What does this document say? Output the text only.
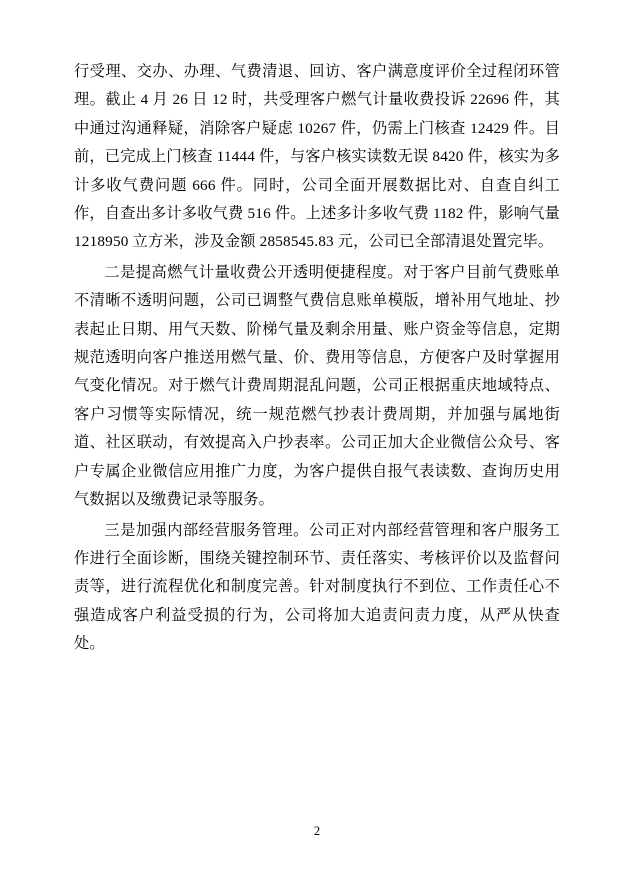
行受理、交办、办理、气费清退、回访、客户满意度评价全过程闭环管理。截止 4 月 26 日 12 时，共受理客户燃气计量收费投诉 22696 件，其中通过沟通释疑，消除客户疑虑 10267 件，仍需上门核查 12429 件。目前，已完成上门核查 11444 件，与客户核实读数无误 8420 件，核实为多计多收气费问题 666 件。同时，公司全面开展数据比对、自查自纠工作，自查出多计多收气费 516 件。上述多计多收气费 1182 件，影响气量 1218950 立方米，涉及金额 2858545.83 元，公司已全部清退处置完毕。

二是提高燃气计量收费公开透明便捷程度。对于客户目前气费账单不清晰不透明问题，公司已调整气费信息账单模版，增补用气地址、抄表起止日期、用气天数、阶梯气量及剩余用量、账户资金等信息，定期规范透明向客户推送用燃气量、价、费用等信息，方便客户及时掌握用气变化情况。对于燃气计费周期混乱问题，公司正根据重庆地域特点、客户习惯等实际情况，统一规范燃气抄表计费周期，并加强与属地街道、社区联动，有效提高入户抄表率。公司正加大企业微信公众号、客户专属企业微信应用推广力度，为客户提供自报气表读数、查询历史用气数据以及缴费记录等服务。

三是加强内部经营服务管理。公司正对内部经营管理和客户服务工作进行全面诊断，围绕关键控制环节、责任落实、考核评价以及监督问责等，进行流程优化和制度完善。针对制度执行不到位、工作责任心不强造成客户利益受损的行为，公司将加大追责问责力度，从严从快查处。

2
